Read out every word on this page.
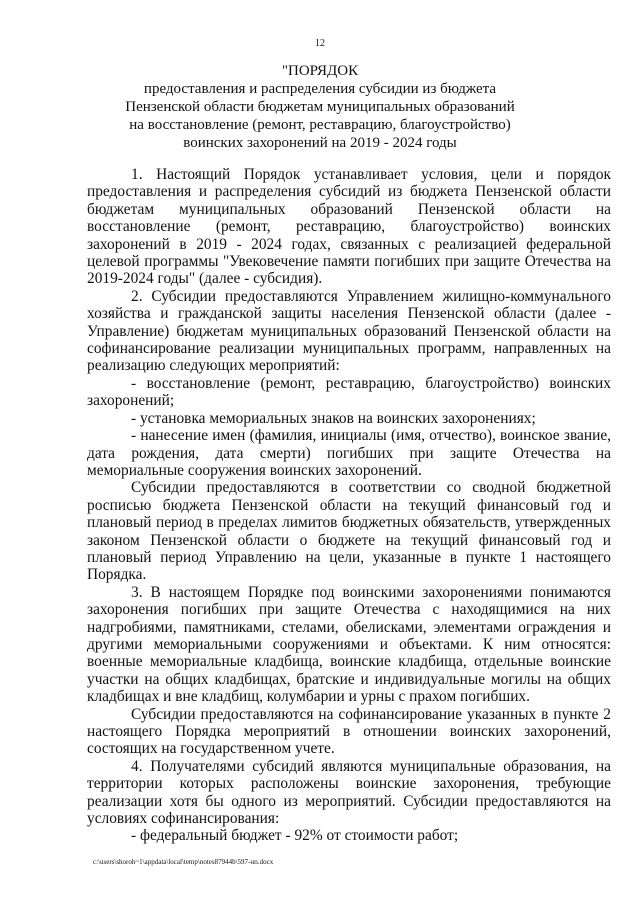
12
"ПОРЯДОК
предоставления и распределения субсидии из бюджета
Пензенской области бюджетам муниципальных образований
на восстановление (ремонт, реставрацию, благоустройство)
воинских захоронений на 2019 - 2024 годы

1. Настоящий Порядок устанавливает условия, цели и порядок предоставления и распределения субсидий из бюджета Пензенской области бюджетам муниципальных образований Пензенской области на восстановление (ремонт, реставрацию, благоустройство) воинских захоронений в 2019 - 2024 годах, связанных с реализацией федеральной целевой программы "Увековечение памяти погибших при защите Отечества на 2019-2024 годы" (далее - субсидия).

2. Субсидии предоставляются Управлением жилищно-коммунального хозяйства и гражданской защиты населения Пензенской области (далее - Управление) бюджетам муниципальных образований Пензенской области на софинансирование реализации муниципальных программ, направленных на реализацию следующих мероприятий:

- восстановление (ремонт, реставрацию, благоустройство) воинских захоронений;

- установка мемориальных знаков на воинских захоронениях;

- нанесение имен (фамилия, инициалы (имя, отчество), воинское звание, дата рождения, дата смерти) погибших при защите Отечества на мемориальные сооружения воинских захоронений.

Субсидии предоставляются в соответствии со сводной бюджетной росписью бюджета Пензенской области на текущий финансовый год и плановый период в пределах лимитов бюджетных обязательств, утвержденных законом Пензенской области о бюджете на текущий финансовый год и плановый период Управлению на цели, указанные в пункте 1 настоящего Порядка.

3. В настоящем Порядке под воинскими захоронениями понимаются захоронения погибших при защите Отечества с находящимися на них надгробиями, памятниками, стелами, обелисками, элементами ограждения и другими мемориальными сооружениями и объектами. К ним относятся: военные мемориальные кладбища, воинские кладбища, отдельные воинские участки на общих кладбищах, братские и индивидуальные могилы на общих кладбищах и вне кладбищ, колумбарии и урны с прахом погибших.

Субсидии предоставляются на софинансирование указанных в пункте 2 настоящего Порядка мероприятий в отношении воинских захоронений, состоящих на государственном учете.

4. Получателями субсидий являются муниципальные образования, на территории которых расположены воинские захоронения, требующие реализации хотя бы одного из мероприятий. Субсидии предоставляются на условиях софинансирования:

- федеральный бюджет - 92% от стоимости работ;

c:\users\shoroh~1\appdata\local\temp\notes87944b\597-нп.docx
